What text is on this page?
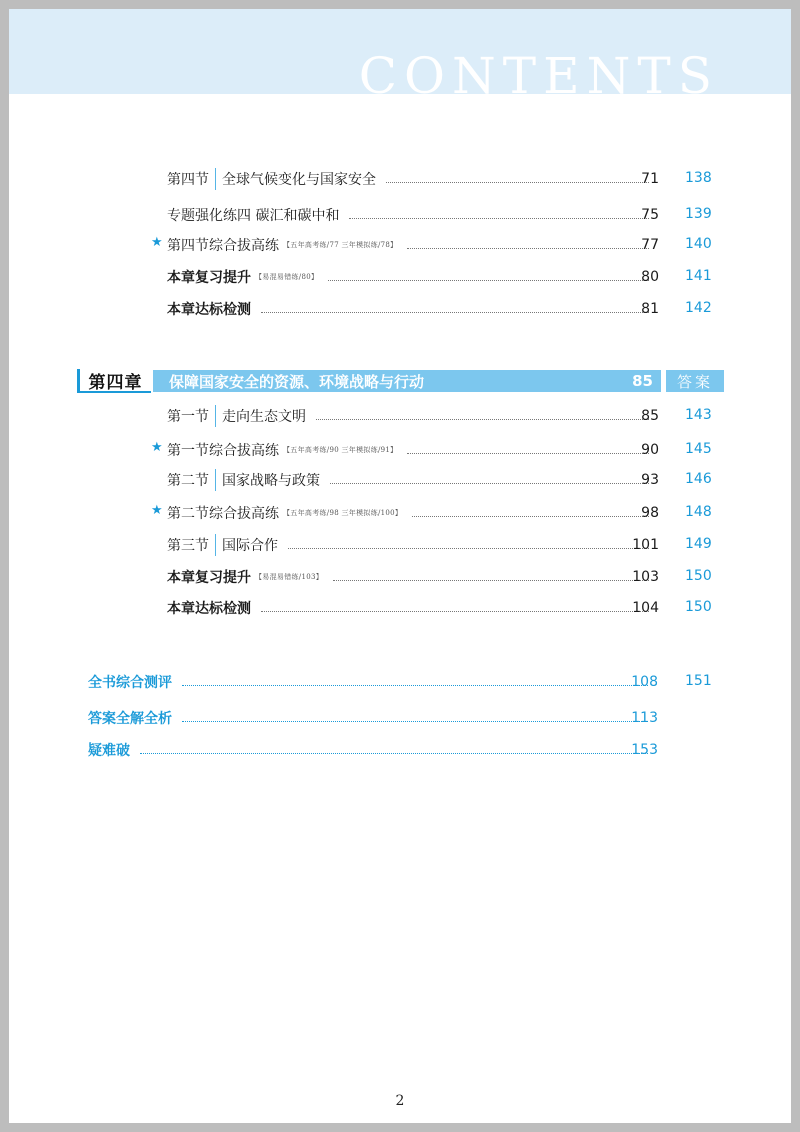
CONTENTS
第四节 全球气候变化与国家安全	71 138
专题强化练四 碳汇和碳中和	75 139
★ 第四节综合拔高练 【五年高考练/77 三年模拟练/78】	77 140
本章复习提升 【易混易错练/80】	80 141
本章达标检测	81 142
第四章	保障国家安全的资源、环境战略与行动	85	答案
第一节 走向生态文明	85 143
★ 第一节综合拔高练 【五年高考练/90 三年模拟练/91】	90 145
第二节 国家战略与政策	93 146
★ 第二节综合拔高练 【五年高考练/98 三年模拟练/100】	98 148
第三节 国际合作	101 149
本章复习提升 【易混易错练/103】	103 150
本章达标检测	104 150
全书综合测评	108 151
答案全解全析	113
疑难破	153
2
